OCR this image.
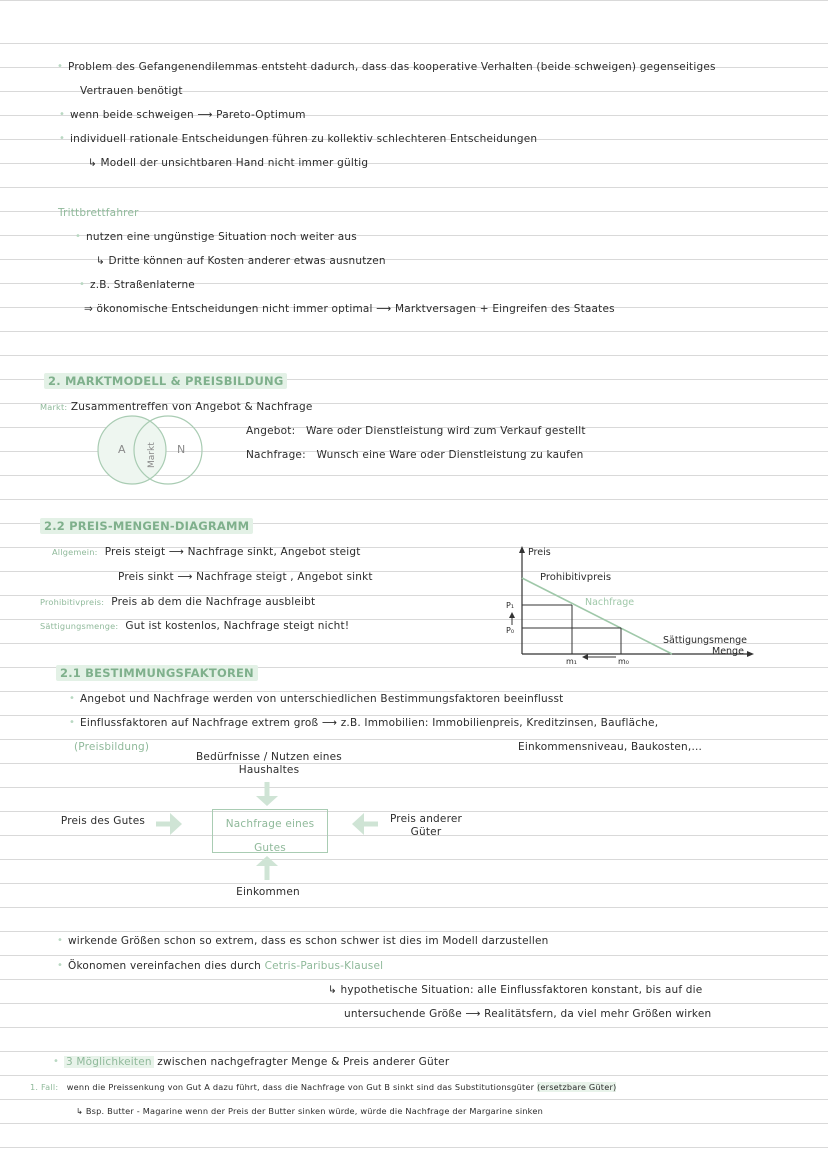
• Problem des Gefangenendilemmas entsteht dadurch, dass das kooperative Verhalten (beide schweigen) gegenseitiges
Vertrauen benötigt
• wenn beide schweigen ⟶ Pareto-Optimum
• individuell rationale Entscheidungen führen zu kollektiv schlechteren Entscheidungen
↳ Modell der unsichtbaren Hand nicht immer gültig
Trittbrettfahrer
• nutzen eine ungünstige Situation noch weiter aus
↳ Dritte können auf Kosten anderer etwas ausnutzen
• z.B. Straßenlaterne
⇒ ökonomische Entscheidungen nicht immer optimal ⟶ Marktversagen + Eingreifen des Staates
2. MARKTMODELL & PREISBILDUNG
Markt: Zusammentreffen von Angebot & Nachfrage
A	N
Markt
Angebot: Ware oder Dienstleistung wird zum Verkauf gestellt
Nachfrage: Wunsch eine Ware oder Dienstleistung zu kaufen
2.2 PREIS-MENGEN-DIAGRAMM
Allgemein: Preis steigt ⟶ Nachfrage sinkt, Angebot steigt
Preis sinkt ⟶ Nachfrage steigt , Angebot sinkt
Prohibitivpreis: Preis ab dem die Nachfrage ausbleibt
Sättigungsmenge: Gut ist kostenlos, Nachfrage steigt nicht!
Preis
Prohibitivpreis
Nachfrage
P₁
P₀
m₁	m₀
Sättigungsmenge
Menge
2.1 BESTIMMUNGSFAKTOREN
• Angebot und Nachfrage werden von unterschiedlichen Bestimmungsfaktoren beeinflusst
• Einflussfaktoren auf Nachfrage extrem groß ⟶ z.B. Immobilien: Immobilienpreis, Kreditzinsen, Baufläche,
Einkommensniveau, Baukosten,...
(Preisbildung)
Bedürfnisse / Nutzen eines Haushaltes
Nachfrage eines Gutes
Preis des Gutes	Preis anderer Güter
Einkommen
• wirkende Größen schon so extrem, dass es schon schwer ist dies im Modell darzustellen
• Ökonomen vereinfachen dies durch Cetris-Paribus-Klausel
↳ hypothetische Situation: alle Einflussfaktoren konstant, bis auf die
untersuchende Größe ⟶ Realitätsfern, da viel mehr Größen wirken
• 3 Möglichkeiten zwischen nachgefragter Menge & Preis anderer Güter
1. Fall: wenn die Preissenkung von Gut A dazu führt, dass die Nachfrage von Gut B sinkt sind das Substitutionsgüter (ersetzbare Güter)
↳ Bsp. Butter - Magarine wenn der Preis der Butter sinken würde, würde die Nachfrage der Margarine sinken
